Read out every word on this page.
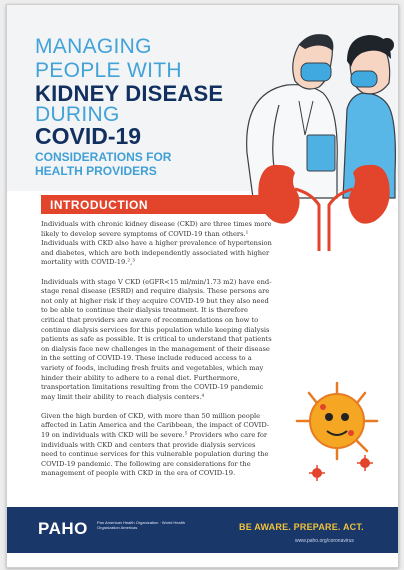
MANAGING
PEOPLE WITH
KIDNEY DISEASE
DURING
COVID-19
CONSIDERATIONS FOR
HEALTH PROVIDERS
INTRODUCTION

Individuals with chronic kidney disease (CKD) are three times more likely to develop severe symptoms of COVID-19 than others.¹ Individuals with CKD also have a higher prevalence of hypertension and diabetes, which are both independently associated with higher mortality with COVID-19.²,³

Individuals with stage V CKD (eGFR<15 ml/min/1.73 m2) have end-stage renal disease (ESRD) and require dialysis. These persons are not only at higher risk if they acquire COVID-19 but they also need to be able to continue their dialysis treatment. It is therefore critical that providers are aware of recommendations on how to continue dialysis services for this population while keeping dialysis patients as safe as possible. It is critical to understand that patients on dialysis face new challenges in the management of their disease in the setting of COVID-19. These include reduced access to a variety of foods, including fresh fruits and vegetables, which may hinder their ability to adhere to a renal diet. Furthermore, transportation limitations resulting from the COVID-19 pandemic may limit their ability to reach dialysis centers.⁴

Given the high burden of CKD, with more than 50 million people affected in Latin America and the Caribbean, the impact of COVID-19 on individuals with CKD will be severe.⁵ Providers who care for individuals with CKD and centers that provide dialysis services need to continue services for this vulnerable population during the COVID-19 pandemic. The following are considerations for the management of people with CKD in the era of COVID-19.

PAHO Pan American Health Organization · World Health Organization Americas	BE AWARE. PREPARE. ACT.
www.paho.org/coronavirus
